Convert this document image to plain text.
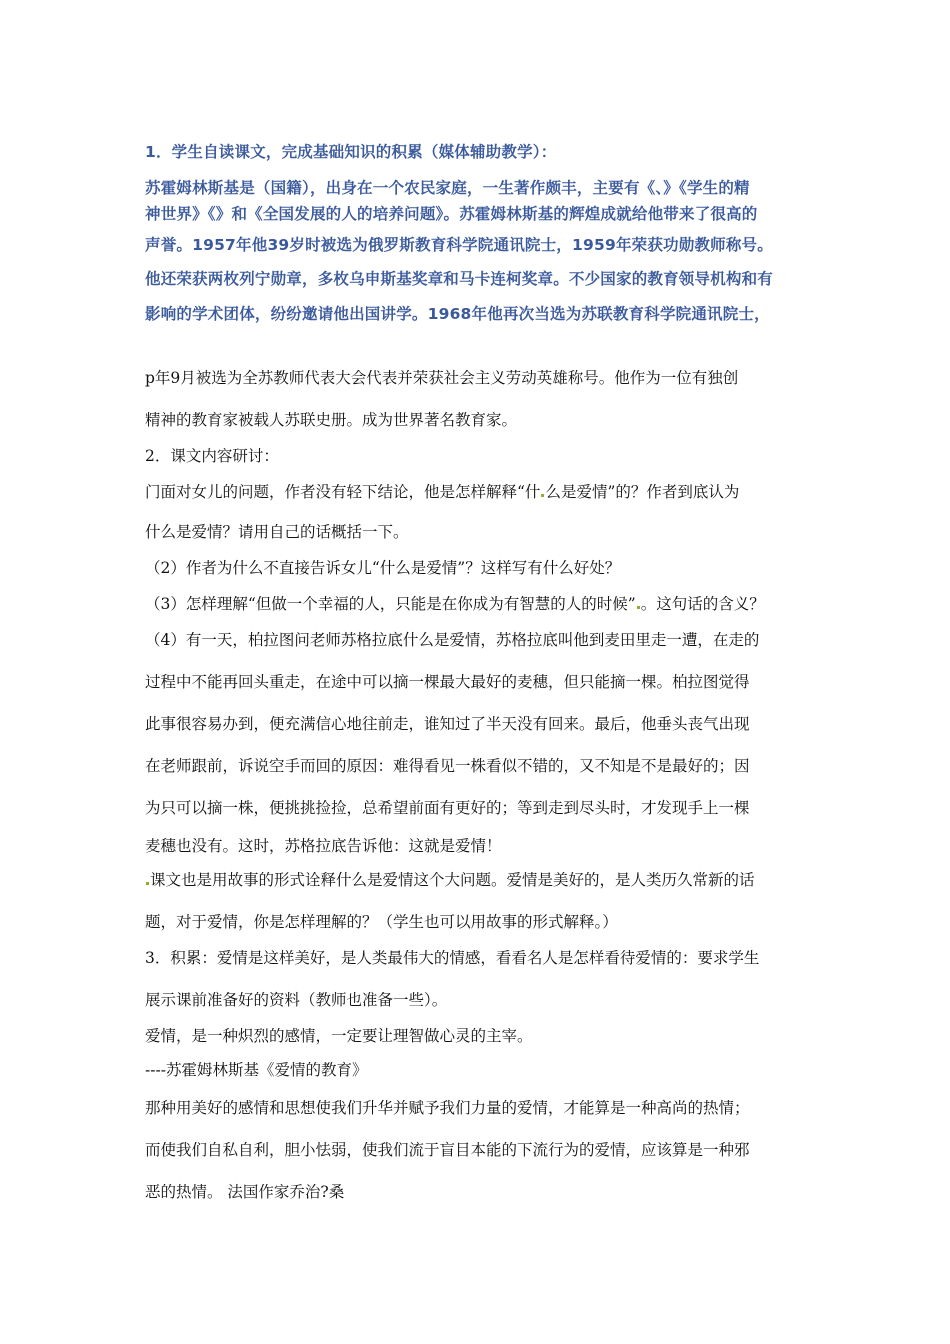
1．学生自读课文，完成基础知识的积累（媒体辅助教学）：
苏霍姆林斯基是（国籍），出身在一个农民家庭，一生著作颇丰，主要有《、》《学生的精
神世界》《》和《全国发展的人的培养问题》。苏霍姆林斯基的辉煌成就给他带来了很高的
声誉。1957年他39岁时被选为俄罗斯教育科学院通讯院士，1959年荣获功勋教师称号。
他还荣获两枚列宁勋章，多枚乌申斯基奖章和马卡连柯奖章。不少国家的教育领导机构和有
影响的学术团体，纷纷邀请他出国讲学。1968年他再次当选为苏联教育科学院通讯院士，
p年9月被选为全苏教师代表大会代表并荣获社会主义劳动英雄称号。他作为一位有独创
精神的教育家被载人苏联史册。成为世界著名教育家。
2．课文内容研讨：
门面对女儿的问题，作者没有轻下结论，他是怎样解释“什 么是爱情”的？作者到底认为
什么是爱情？请用自己的话概括一下。
（2）作者为什么不直接告诉女儿“什么是爱情”？这样写有什么好处？
（3）怎样理解“但做一个幸福的人，只能是在你成为有智慧的人的时候” 。这句话的含义？
（4）有一天，柏拉图问老师苏格拉底什么是爱情，苏格拉底叫他到麦田里走一遭，在走的
过程中不能再回头重走，在途中可以摘一棵最大最好的麦穗，但只能摘一棵。柏拉图觉得
此事很容易办到，便充满信心地往前走，谁知过了半天没有回来。最后，他垂头丧气出现
在老师跟前，诉说空手而回的原因：难得看见一株看似不错的，又不知是不是最好的；因
为只可以摘一株，便挑挑捡捡，总希望前面有更好的；等到走到尽头时，才发现手上一棵
麦穗也没有。这时，苏格拉底告诉他：这就是爱情！
课文也是用故事的形式诠释什么是爱情这个大问题。爱情是美好的，是人类历久常新的话
题，对于爱情，你是怎样理解的？（学生也可以用故事的形式解释。）
3．积累：爱情是这样美好，是人类最伟大的情感，看看名人是怎样看待爱情的：要求学生
展示课前准备好的资料（教师也准备一些）。
爱情，是一种炽烈的感情，一定要让理智做心灵的主宰。
----苏霍姆林斯基《爱情的教育》
那种用美好的感情和思想使我们升华并赋予我们力量的爱情，才能算是一种高尚的热情；
而使我们自私自利，胆小怯弱，使我们流于盲目本能的下流行为的爱情，应该算是一种邪
恶的热情。 法国作家乔治?桑
